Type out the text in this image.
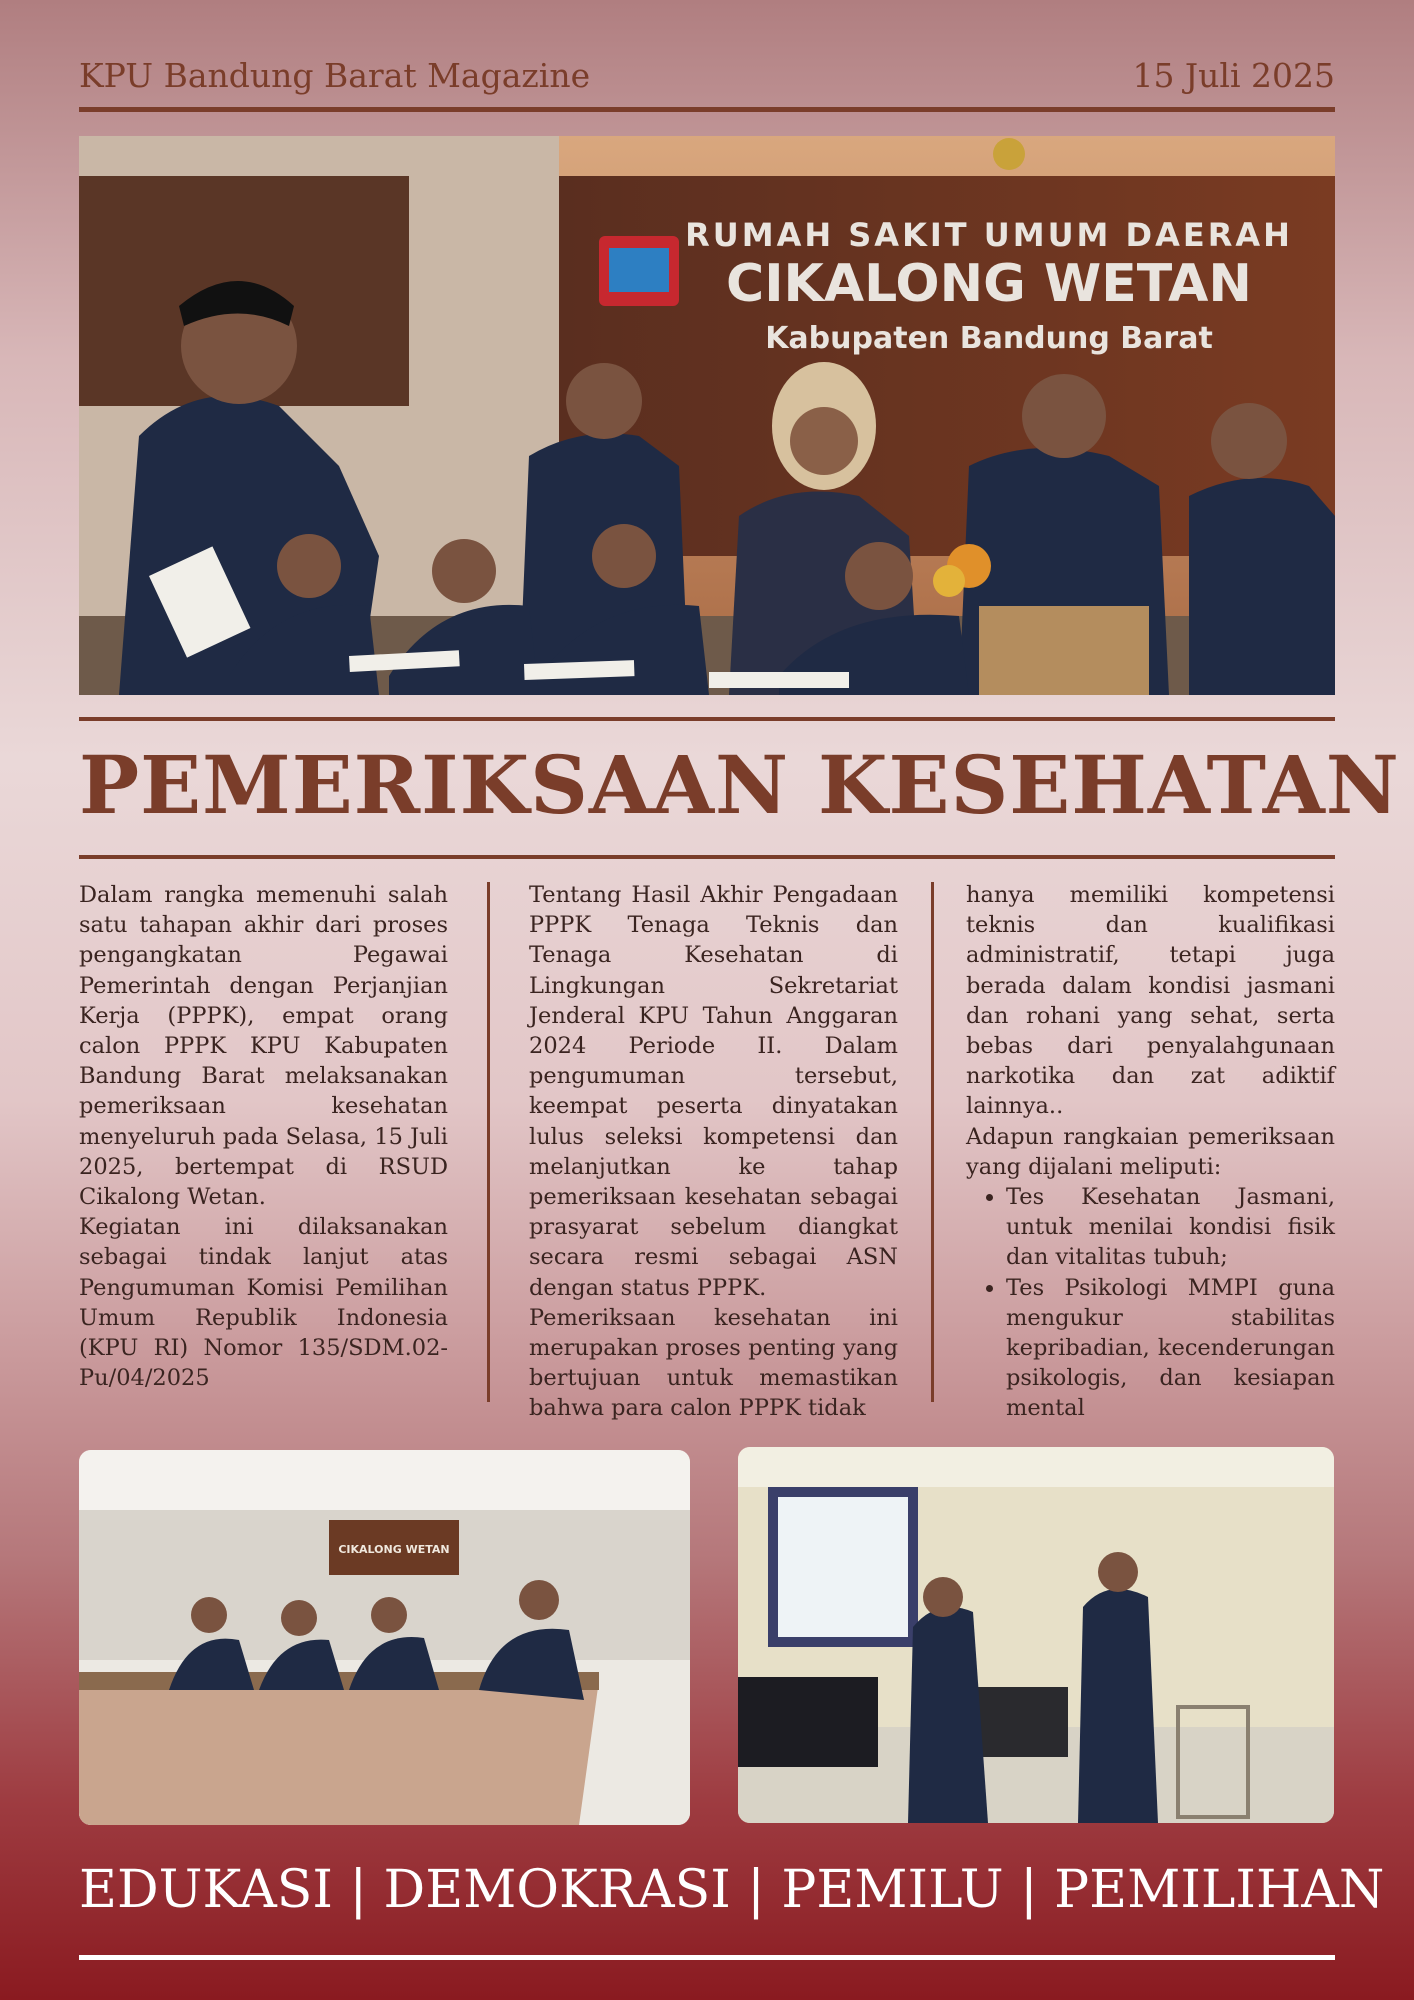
KPU Bandung Barat Magazine	15 Juli 2025
RUMAH SAKIT UMUM DAERAH
CIKALONG WETAN
Kabupaten Bandung Barat
PEMERIKSAAN KESEHATAN

Dalam rangka memenuhi salah satu tahapan akhir dari proses pengangkatan Pegawai Pemerintah dengan Perjanjian Kerja (PPPK), empat orang calon PPPK KPU Kabupaten Bandung Barat melaksanakan pemeriksaan kesehatan menyeluruh pada Selasa, 15 Juli 2025, bertempat di RSUD Cikalong Wetan.

Kegiatan ini dilaksanakan sebagai tindak lanjut atas Pengumuman Komisi Pemilihan Umum Republik Indonesia (KPU RI) Nomor 135/SDM.02-Pu/04/2025

Tentang Hasil Akhir Pengadaan PPPK Tenaga Teknis dan Tenaga Kesehatan di Lingkungan Sekretariat Jenderal KPU Tahun Anggaran 2024 Periode II. Dalam pengumuman tersebut, keempat peserta dinyatakan lulus seleksi kompetensi dan melanjutkan ke tahap pemeriksaan kesehatan sebagai prasyarat sebelum diangkat secara resmi sebagai ASN dengan status PPPK.

Pemeriksaan kesehatan ini merupakan proses penting yang bertujuan untuk memastikan bahwa para calon PPPK tidak

hanya memiliki kompetensi teknis dan kualifikasi administratif, tetapi juga berada dalam kondisi jasmani dan rohani yang sehat, serta bebas dari penyalahgunaan narkotika dan zat adiktif lainnya..

Adapun rangkaian pemeriksaan yang dijalani meliputi:

• Tes Kesehatan Jasmani, untuk menilai kondisi fisik dan vitalitas tubuh;
• Tes Psikologi MMPI guna mengukur stabilitas kepribadian, kecenderungan psikologis, dan kesiapan mental
CIKALONG WETAN
EDUKASI | DEMOKRASI | PEMILU | PEMILIHAN
